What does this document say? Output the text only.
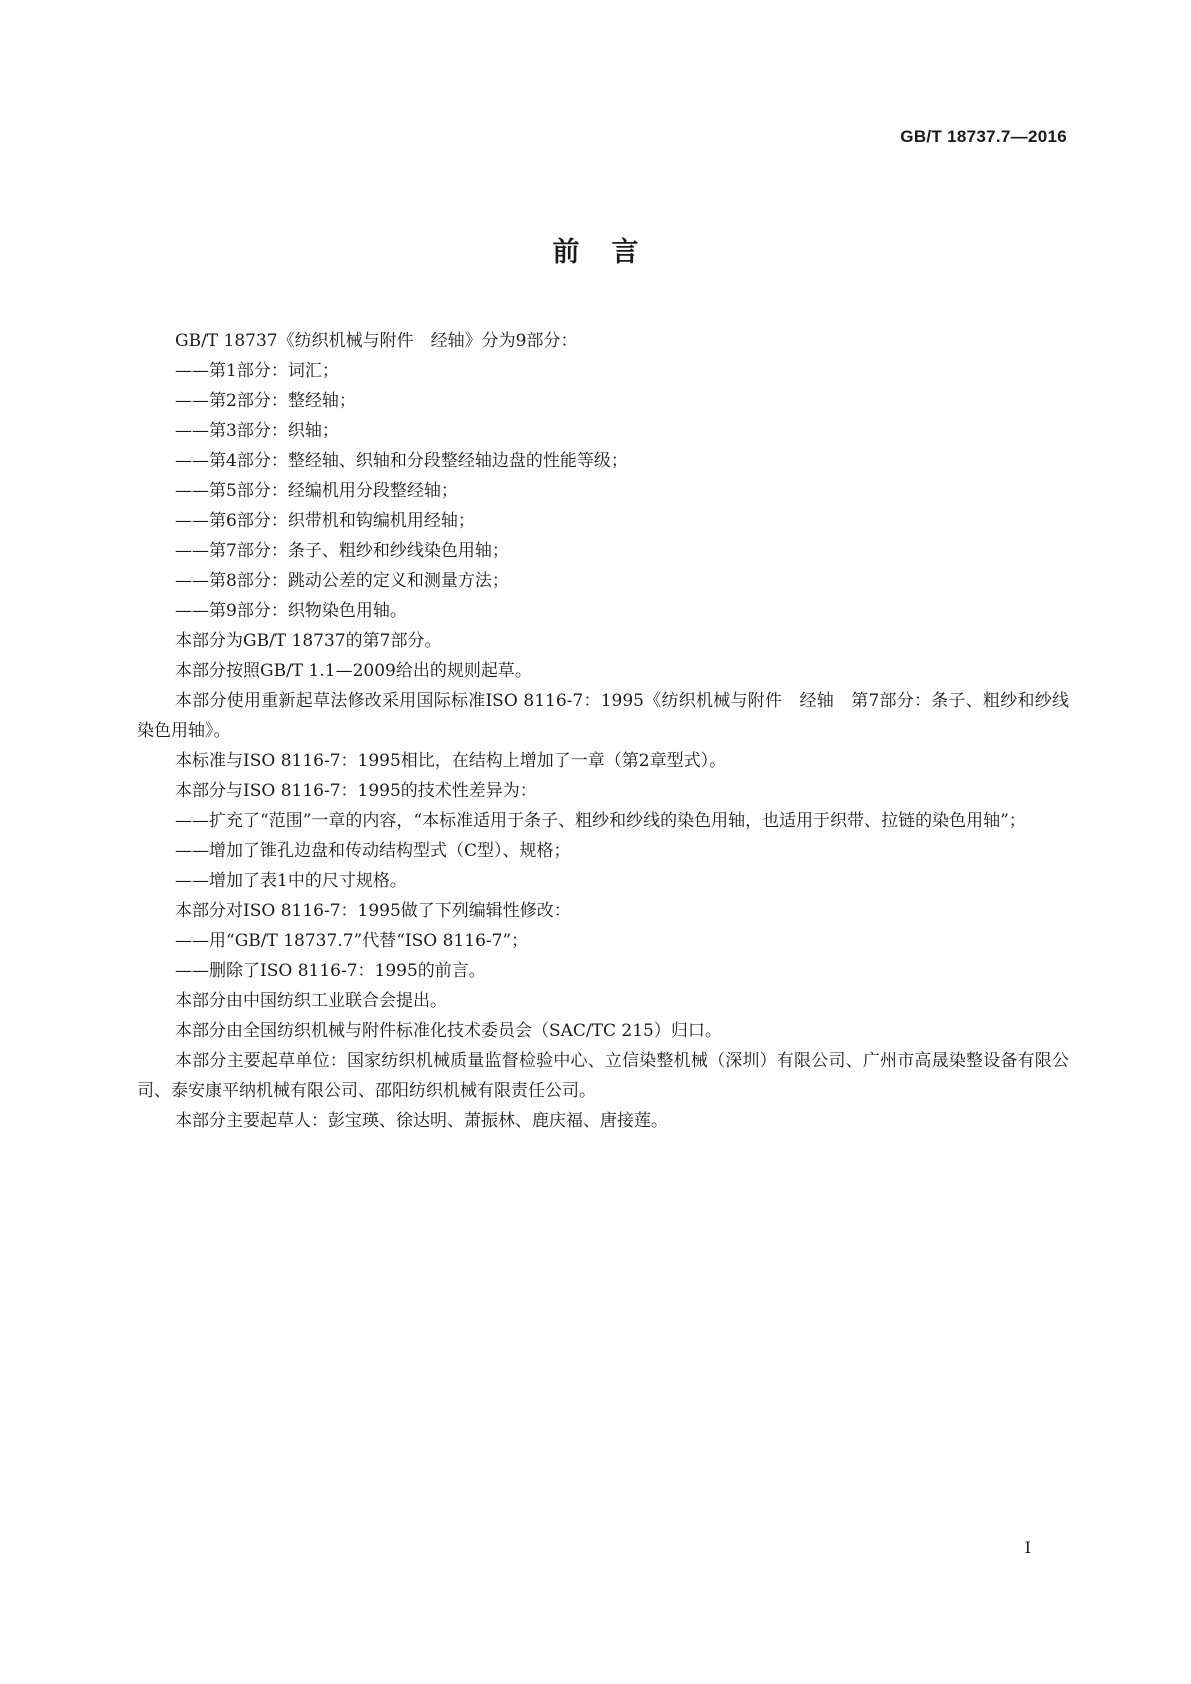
GB/T 18737.7—2016
前言

GB/T 18737《纺织机械与附件　经轴》分为9部分：

——第1部分：词汇；

——第2部分：整经轴；

——第3部分：织轴；

——第4部分：整经轴、织轴和分段整经轴边盘的性能等级；

——第5部分：经编机用分段整经轴；

——第6部分：织带机和钩编机用经轴；

——第7部分：条子、粗纱和纱线染色用轴；

——第8部分：跳动公差的定义和测量方法；

——第9部分：织物染色用轴。

本部分为GB/T 18737的第7部分。

本部分按照GB/T 1.1—2009给出的规则起草。

本部分使用重新起草法修改采用国际标准ISO 8116-7：1995《纺织机械与附件　经轴　第7部分：条子、粗纱和纱线染色用轴》。

本标准与ISO 8116-7：1995相比，在结构上增加了一章（第2章型式）。

本部分与ISO 8116-7：1995的技术性差异为：

——扩充了“范围”一章的内容，“本标准适用于条子、粗纱和纱线的染色用轴，也适用于织带、拉链的染色用轴”；

——增加了锥孔边盘和传动结构型式（C型）、规格；

——增加了表1中的尺寸规格。

本部分对ISO 8116-7：1995做了下列编辑性修改：

——用“GB/T 18737.7”代替“ISO 8116-7”；

——删除了ISO 8116-7：1995的前言。

本部分由中国纺织工业联合会提出。

本部分由全国纺织机械与附件标准化技术委员会（SAC/TC 215）归口。

本部分主要起草单位：国家纺织机械质量监督检验中心、立信染整机械（深圳）有限公司、广州市高晟染整设备有限公司、泰安康平纳机械有限公司、邵阳纺织机械有限责任公司。

本部分主要起草人：彭宝瑛、徐达明、萧振林、鹿庆福、唐接莲。

I
